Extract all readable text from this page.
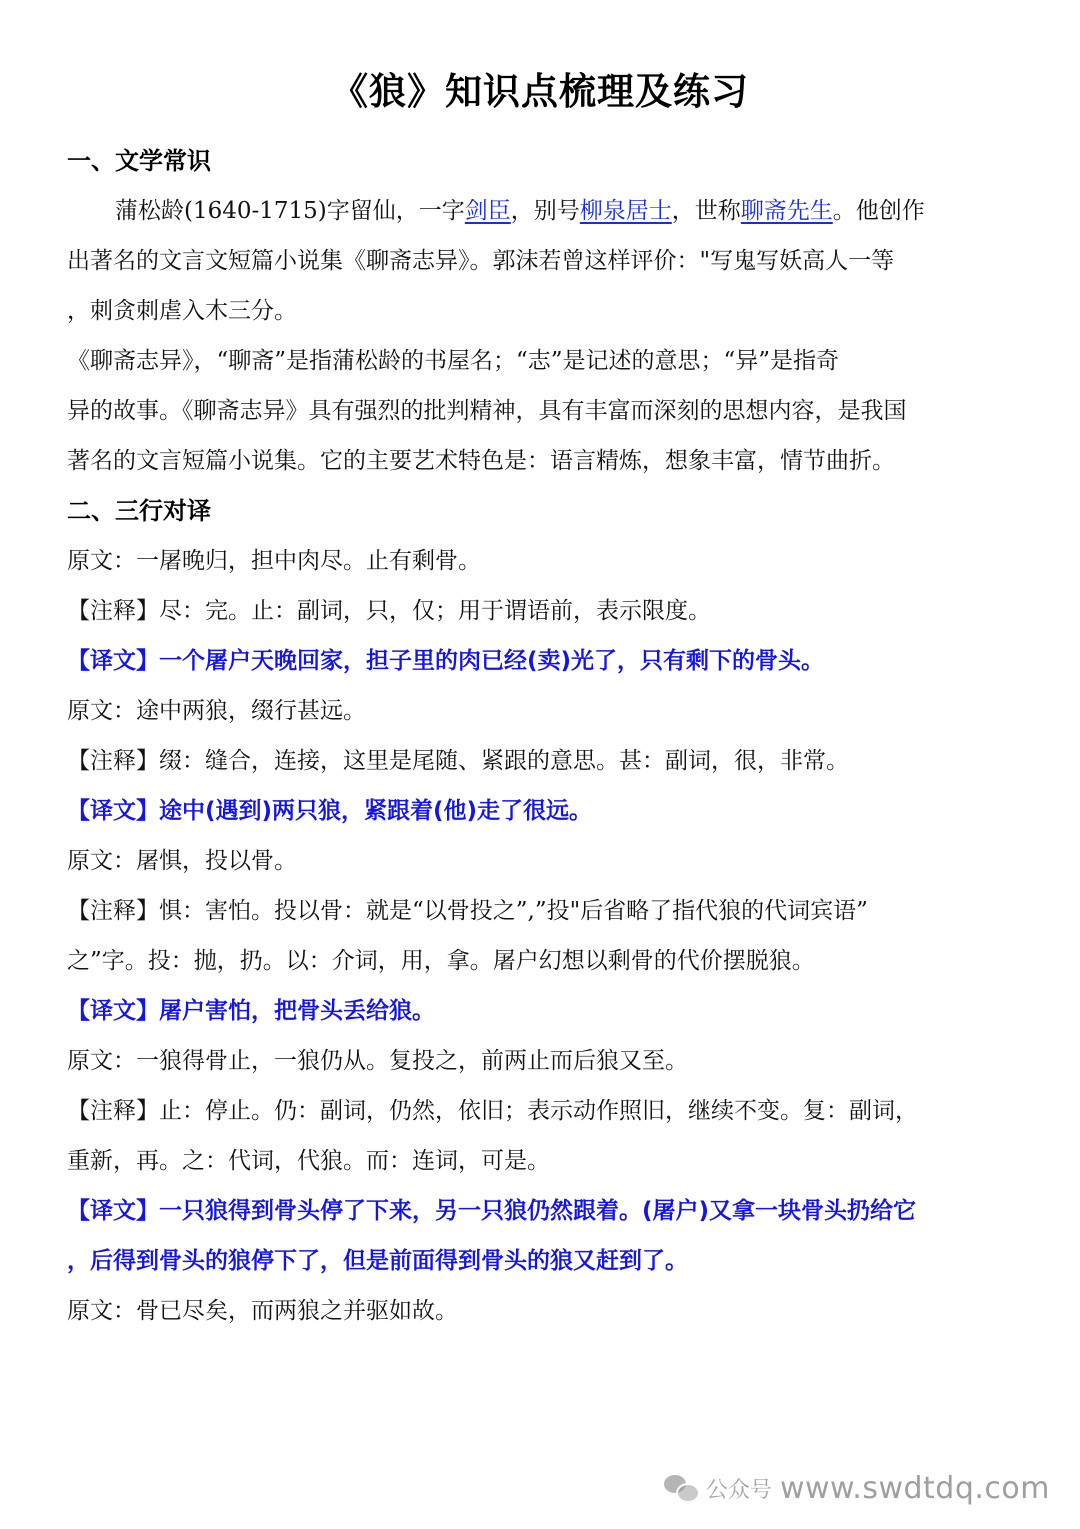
《狼》知识点梳理及练习
一、文学常识
蒲松龄(1640-1715)字留仙，一字剑臣，别号柳泉居士，世称聊斋先生。他创作
出著名的文言文短篇小说集《聊斋志异》。郭沫若曾这样评价："写鬼写妖高人一等
，刺贪刺虐入木三分。
《聊斋志异》，“聊斋”是指蒲松龄的书屋名；“志”是记述的意思；“异”是指奇
异的故事。《聊斋志异》具有强烈的批判精神，具有丰富而深刻的思想内容，是我国
著名的文言短篇小说集。它的主要艺术特色是：语言精炼，想象丰富，情节曲折。
二、三行对译
原文：一屠晚归，担中肉尽。止有剩骨。
【注释】尽：完。止：副词，只，仅；用于谓语前，表示限度。
【译文】一个屠户天晚回家，担子里的肉已经(卖)光了，只有剩下的骨头。
原文：途中两狼，缀行甚远。
【注释】缀：缝合，连接，这里是尾随、紧跟的意思。甚：副词，很，非常。
【译文】途中(遇到)两只狼，紧跟着(他)走了很远。
原文：屠惧，投以骨。
【注释】惧：害怕。投以骨：就是“以骨投之”,”投"后省略了指代狼的代词宾语”
之”字。投：抛，扔。以：介词，用，拿。屠户幻想以剩骨的代价摆脱狼。
【译文】屠户害怕，把骨头丢给狼。
原文：一狼得骨止，一狼仍从。复投之，前两止而后狼又至。
【注释】止：停止。仍：副词，仍然，依旧；表示动作照旧，继续不变。复：副词，
重新，再。之：代词，代狼。而：连词，可是。
【译文】一只狼得到骨头停了下来，另一只狼仍然跟着。(屠户)又拿一块骨头扔给它
，后得到骨头的狼停下了，但是前面得到骨头的狼又赶到了。
原文：骨已尽矣，而两狼之并驱如故。
公众号 www.swdtdq.com
